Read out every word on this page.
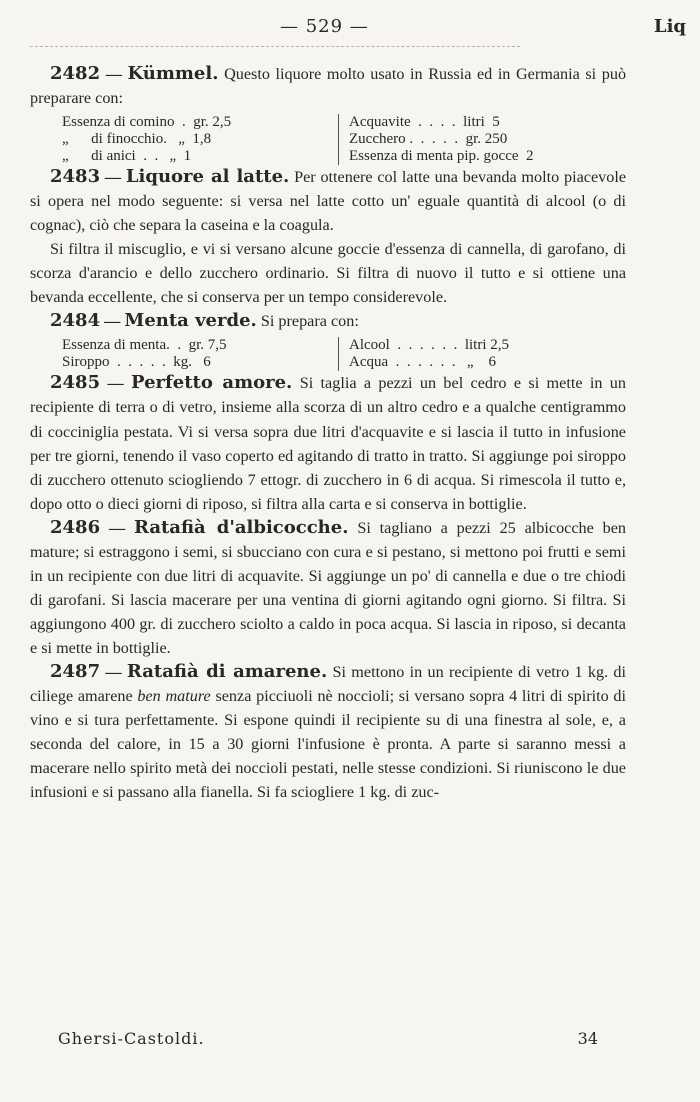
— 529 —	Liq

2482 — Kümmel. Questo liquore molto usato in Russia ed in Germania si può preparare con:

Essenza di comino  .  gr. 2,5	Acquavite  .  .  .  .  litri  5
„      di finocchio.   „  1,8	Zucchero .  .  .  .  .  gr. 250
„      di anici  .  .   „  1	Essenza di menta pip. gocce  2

2483 — Liquore al latte. Per ottenere col latte una bevanda molto piacevole si opera nel modo seguente: si versa nel latte cotto un' eguale quantità di alcool (o di cognac), ciò che separa la caseina e la coagula.

Si filtra il miscuglio, e vi si versano alcune goccie d'essenza di cannella, di garofano, di scorza d'arancio e dello zucchero ordinario. Si filtra di nuovo il tutto e si ottiene una bevanda eccellente, che si conserva per un tempo considerevole.

2484 — Menta verde. Si prepara con:

Essenza di menta.  .  gr. 7,5	Alcool  .  .  .  .  .  .  litri 2,5
Siroppo  .  .  .  .  .  kg.   6	Acqua  .  .  .  .  .  .   „    6

2485 — Perfetto amore. Si taglia a pezzi un bel cedro e si mette in un recipiente di terra o di vetro, insieme alla scorza di un altro cedro e a qualche centigrammo di cocciniglia pestata. Vi si versa sopra due litri d'acquavite e si lascia il tutto in infusione per tre giorni, tenendo il vaso coperto ed agitando di tratto in tratto. Si aggiunge poi siroppo di zucchero ottenuto sciogliendo 7 ettogr. di zucchero in 6 di acqua. Si rimescola il tutto e, dopo otto o dieci giorni di riposo, si filtra alla carta e si conserva in bottiglie.

2486 — Ratafià d'albicocche. Si tagliano a pezzi 25 albicocche ben mature; si estraggono i semi, si sbucciano con cura e si pestano, si mettono poi frutti e semi in un recipiente con due litri di acquavite. Si aggiunge un po' di cannella e due o tre chiodi di garofani. Si lascia macerare per una ventina di giorni agitando ogni giorno. Si filtra. Si aggiungono 400 gr. di zucchero sciolto a caldo in poca acqua. Si lascia in riposo, si decanta e si mette in bottiglie.

2487 — Ratafià di amarene. Si mettono in un recipiente di vetro 1 kg. di ciliege amarene ben mature senza picciuoli nè noccioli; si versano sopra 4 litri di spirito di vino e si tura perfettamente. Si espone quindi il recipiente su di una finestra al sole, e, a seconda del calore, in 15 a 30 giorni l'infusione è pronta. A parte si saranno messi a macerare nello spirito metà dei noccioli pestati, nelle stesse condizioni. Si riuniscono le due infusioni e si passano alla fianella. Si fa sciogliere 1 kg. di zuc-

Ghersi-Castoldi.	34
